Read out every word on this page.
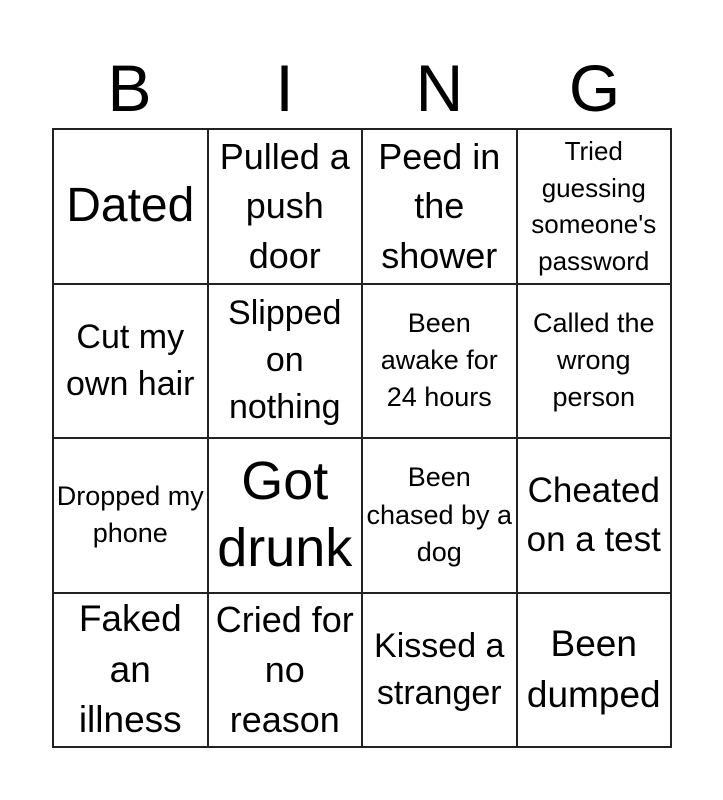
B	I	N	G
Dated
Pulled a push door
Peed in the shower
Tried guessing someone's password
Cut my own hair
Slipped on nothing
Been awake for 24 hours
Called the wrong person
Dropped my phone
Got drunk
Been chased by a dog
Cheated on a test
Faked an illness
Cried for no reason
Kissed a stranger
Been dumped
